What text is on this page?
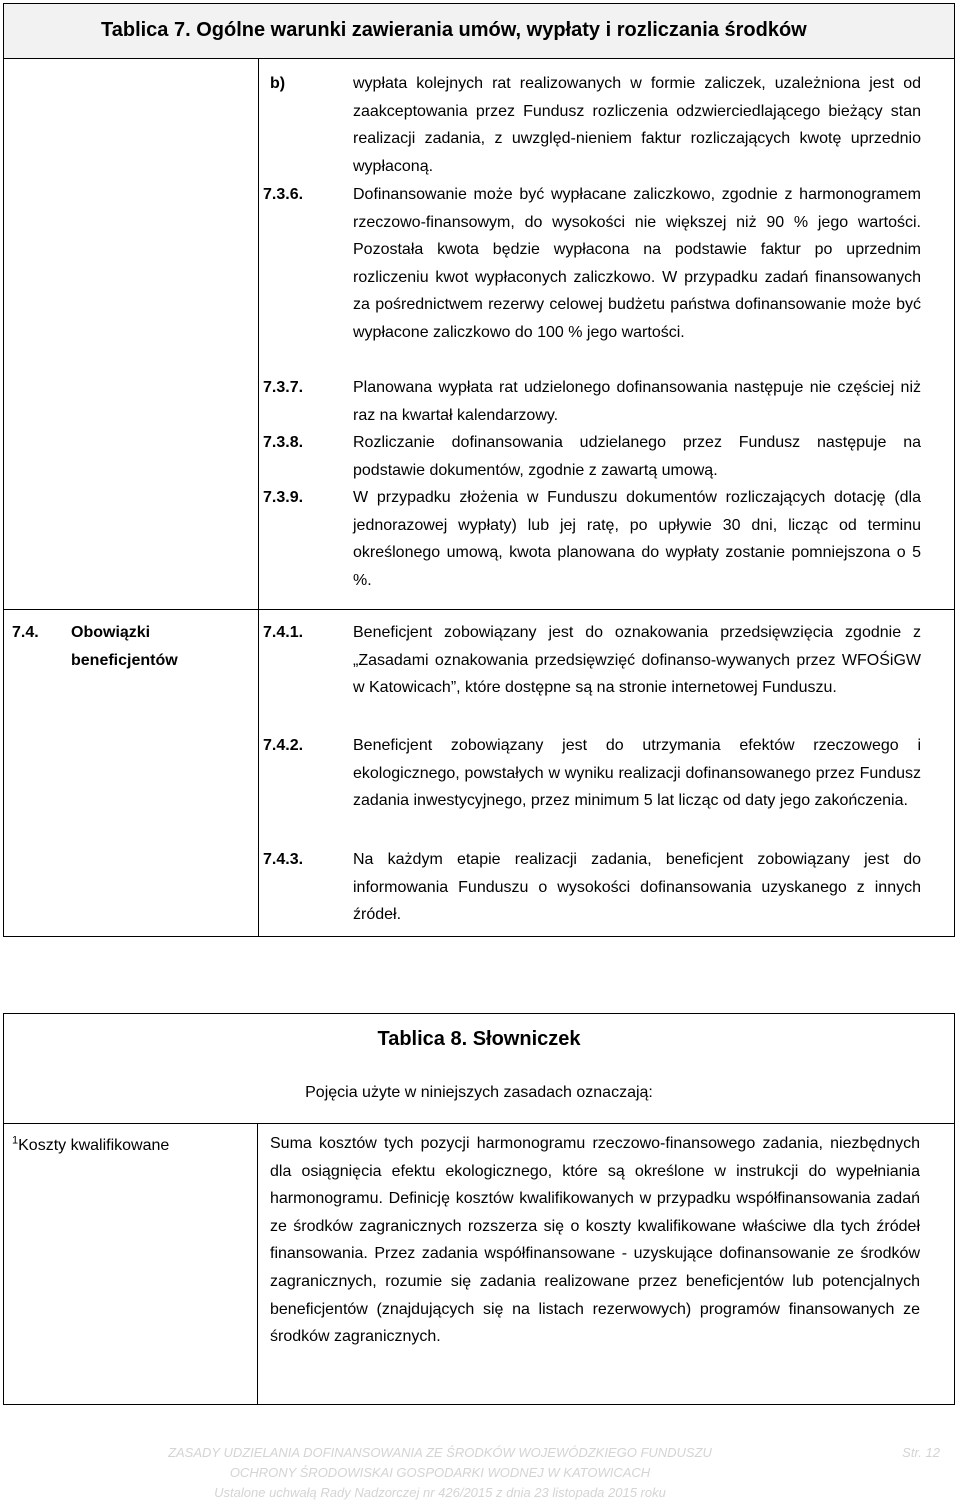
Tablica 7. Ogólne warunki zawierania umów, wypłaty i rozliczania środków
b)	wypłata kolejnych rat realizowanych w formie zaliczek, uzależniona jest od zaakceptowania przez Fundusz rozliczenia odzwierciedlającego bieżący stan realizacji zadania, z uwzględ-nieniem faktur rozliczających kwotę uprzednio wypłaconą.
7.3.6.	Dofinansowanie może być wypłacane zaliczkowo, zgodnie z harmonogramem rzeczowo-finansowym, do wysokości nie większej niż 90 % jego wartości. Pozostała kwota będzie wypłacona na podstawie faktur po uprzednim rozliczeniu kwot wypłaconych zaliczkowo. W przypadku zadań finansowanych za pośrednictwem rezerwy celowej budżetu państwa dofinansowanie może być wypłacone zaliczkowo do 100 % jego wartości.
7.3.7.	Planowana wypłata rat udzielonego dofinansowania następuje nie częściej niż raz na kwartał kalendarzowy.
7.3.8.	Rozliczanie dofinansowania udzielanego przez Fundusz następuje na podstawie dokumentów, zgodnie z zawartą umową.
7.3.9.	W przypadku złożenia w Funduszu dokumentów rozliczających dotację (dla jednorazowej wypłaty) lub jej ratę, po upływie 30 dni, licząc od terminu określonego umową, kwota planowana do wypłaty zostanie pomniejszona o 5 %.
7.4. Obowiązki
beneficjentów
7.4.1.	Beneficjent zobowiązany jest do oznakowania przedsięwzięcia zgodnie z „Zasadami oznakowania przedsięwzięć dofinanso-wywanych przez WFOŚiGW w Katowicach”, które dostępne są na stronie internetowej Funduszu.
7.4.2.	Beneficjent zobowiązany jest do utrzymania efektów rzeczowego i ekologicznego, powstałych w wyniku realizacji dofinansowanego przez Fundusz zadania inwestycyjnego, przez minimum 5 lat licząc od daty jego zakończenia.
7.4.3.	Na każdym etapie realizacji zadania, beneficjent zobowiązany jest do informowania Funduszu o wysokości dofinansowania uzyskanego z innych źródeł.
Tablica 8. Słowniczek
Pojęcia użyte w niniejszych zasadach oznaczają:
$^1$Koszty kwalifikowane	Suma kosztów tych pozycji harmonogramu rzeczowo-finansowego zadania, niezbędnych dla osiągnięcia efektu ekologicznego, które są określone w instrukcji do wypełniania harmonogramu. Definicję kosztów kwalifikowanych w przypadku współfinansowania zadań ze środków zagranicznych rozszerza się o koszty kwalifikowane właściwe dla tych źródeł finansowania. Przez zadania współfinansowane - uzyskujące dofinansowanie ze środków zagranicznych, rozumie się zadania realizowane przez beneficjentów lub potencjalnych beneficjentów (znajdujących się na listach rezerwowych) programów finansowanych ze środków zagranicznych.
ZASADY UDZIELANIA DOFINANSOWANIA ZE ŚRODKÓW WOJEWÓDZKIEGO FUNDUSZU
OCHRONY ŚRODOWISKAI GOSPODARKI WODNEJ W KATOWICACH
Ustalone uchwałą Rady Nadzorczej nr 426/2015 z dnia 23 listopada 2015 roku
Str. 12
